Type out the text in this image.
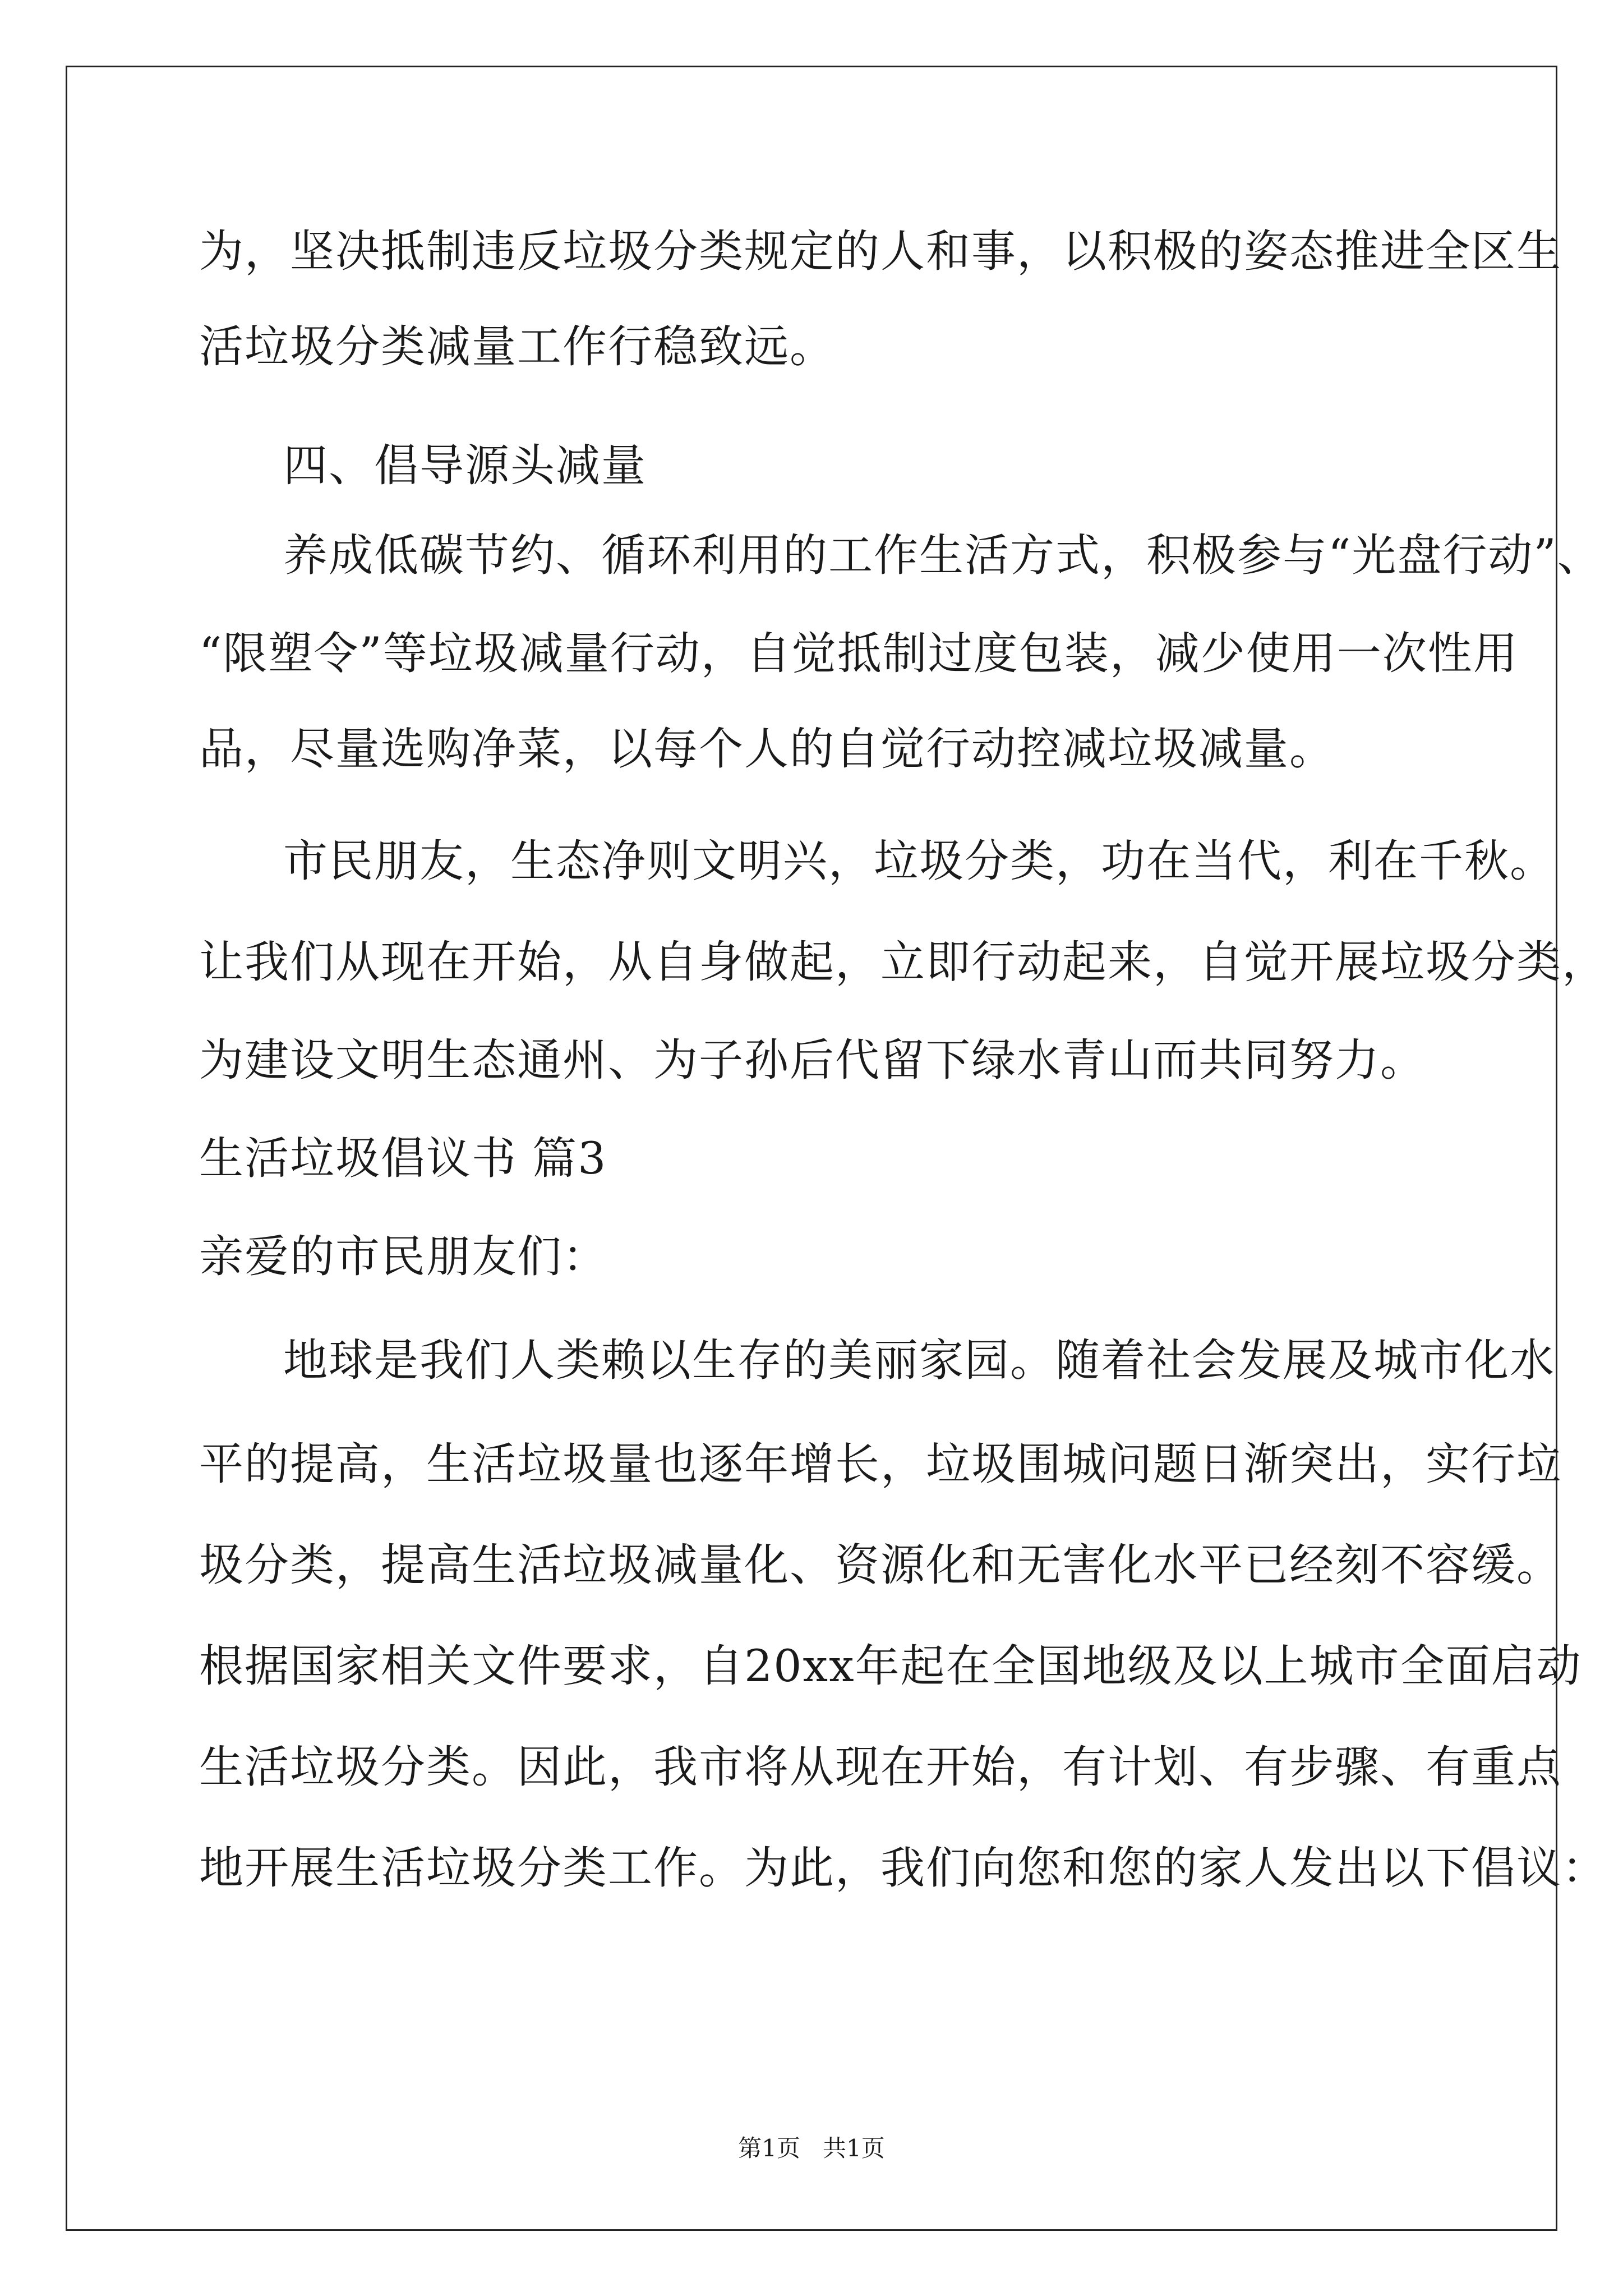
为，坚决抵制违反垃圾分类规定的人和事，以积极的姿态推进全区生
活垃圾分类减量工作行稳致远。
四、倡导源头减量
养成低碳节约、循环利用的工作生活方式，积极参与“光盘行动”、
“限塑令”等垃圾减量行动，自觉抵制过度包装，减少使用一次性用
品，尽量选购净菜，以每个人的自觉行动控减垃圾减量。
市民朋友，生态净则文明兴，垃圾分类，功在当代，利在千秋。
让我们从现在开始，从自身做起，立即行动起来，自觉开展垃圾分类，
为建设文明生态通州、为子孙后代留下绿水青山而共同努力。
生活垃圾倡议书 篇3
亲爱的市民朋友们：
地球是我们人类赖以生存的美丽家园。随着社会发展及城市化水
平的提高，生活垃圾量也逐年增长，垃圾围城问题日渐突出，实行垃
圾分类，提高生活垃圾减量化、资源化和无害化水平已经刻不容缓。
根据国家相关文件要求，自20xx年起在全国地级及以上城市全面启动
生活垃圾分类。因此，我市将从现在开始，有计划、有步骤、有重点
地开展生活垃圾分类工作。为此，我们向您和您的家人发出以下倡议：
第1页   共1页
